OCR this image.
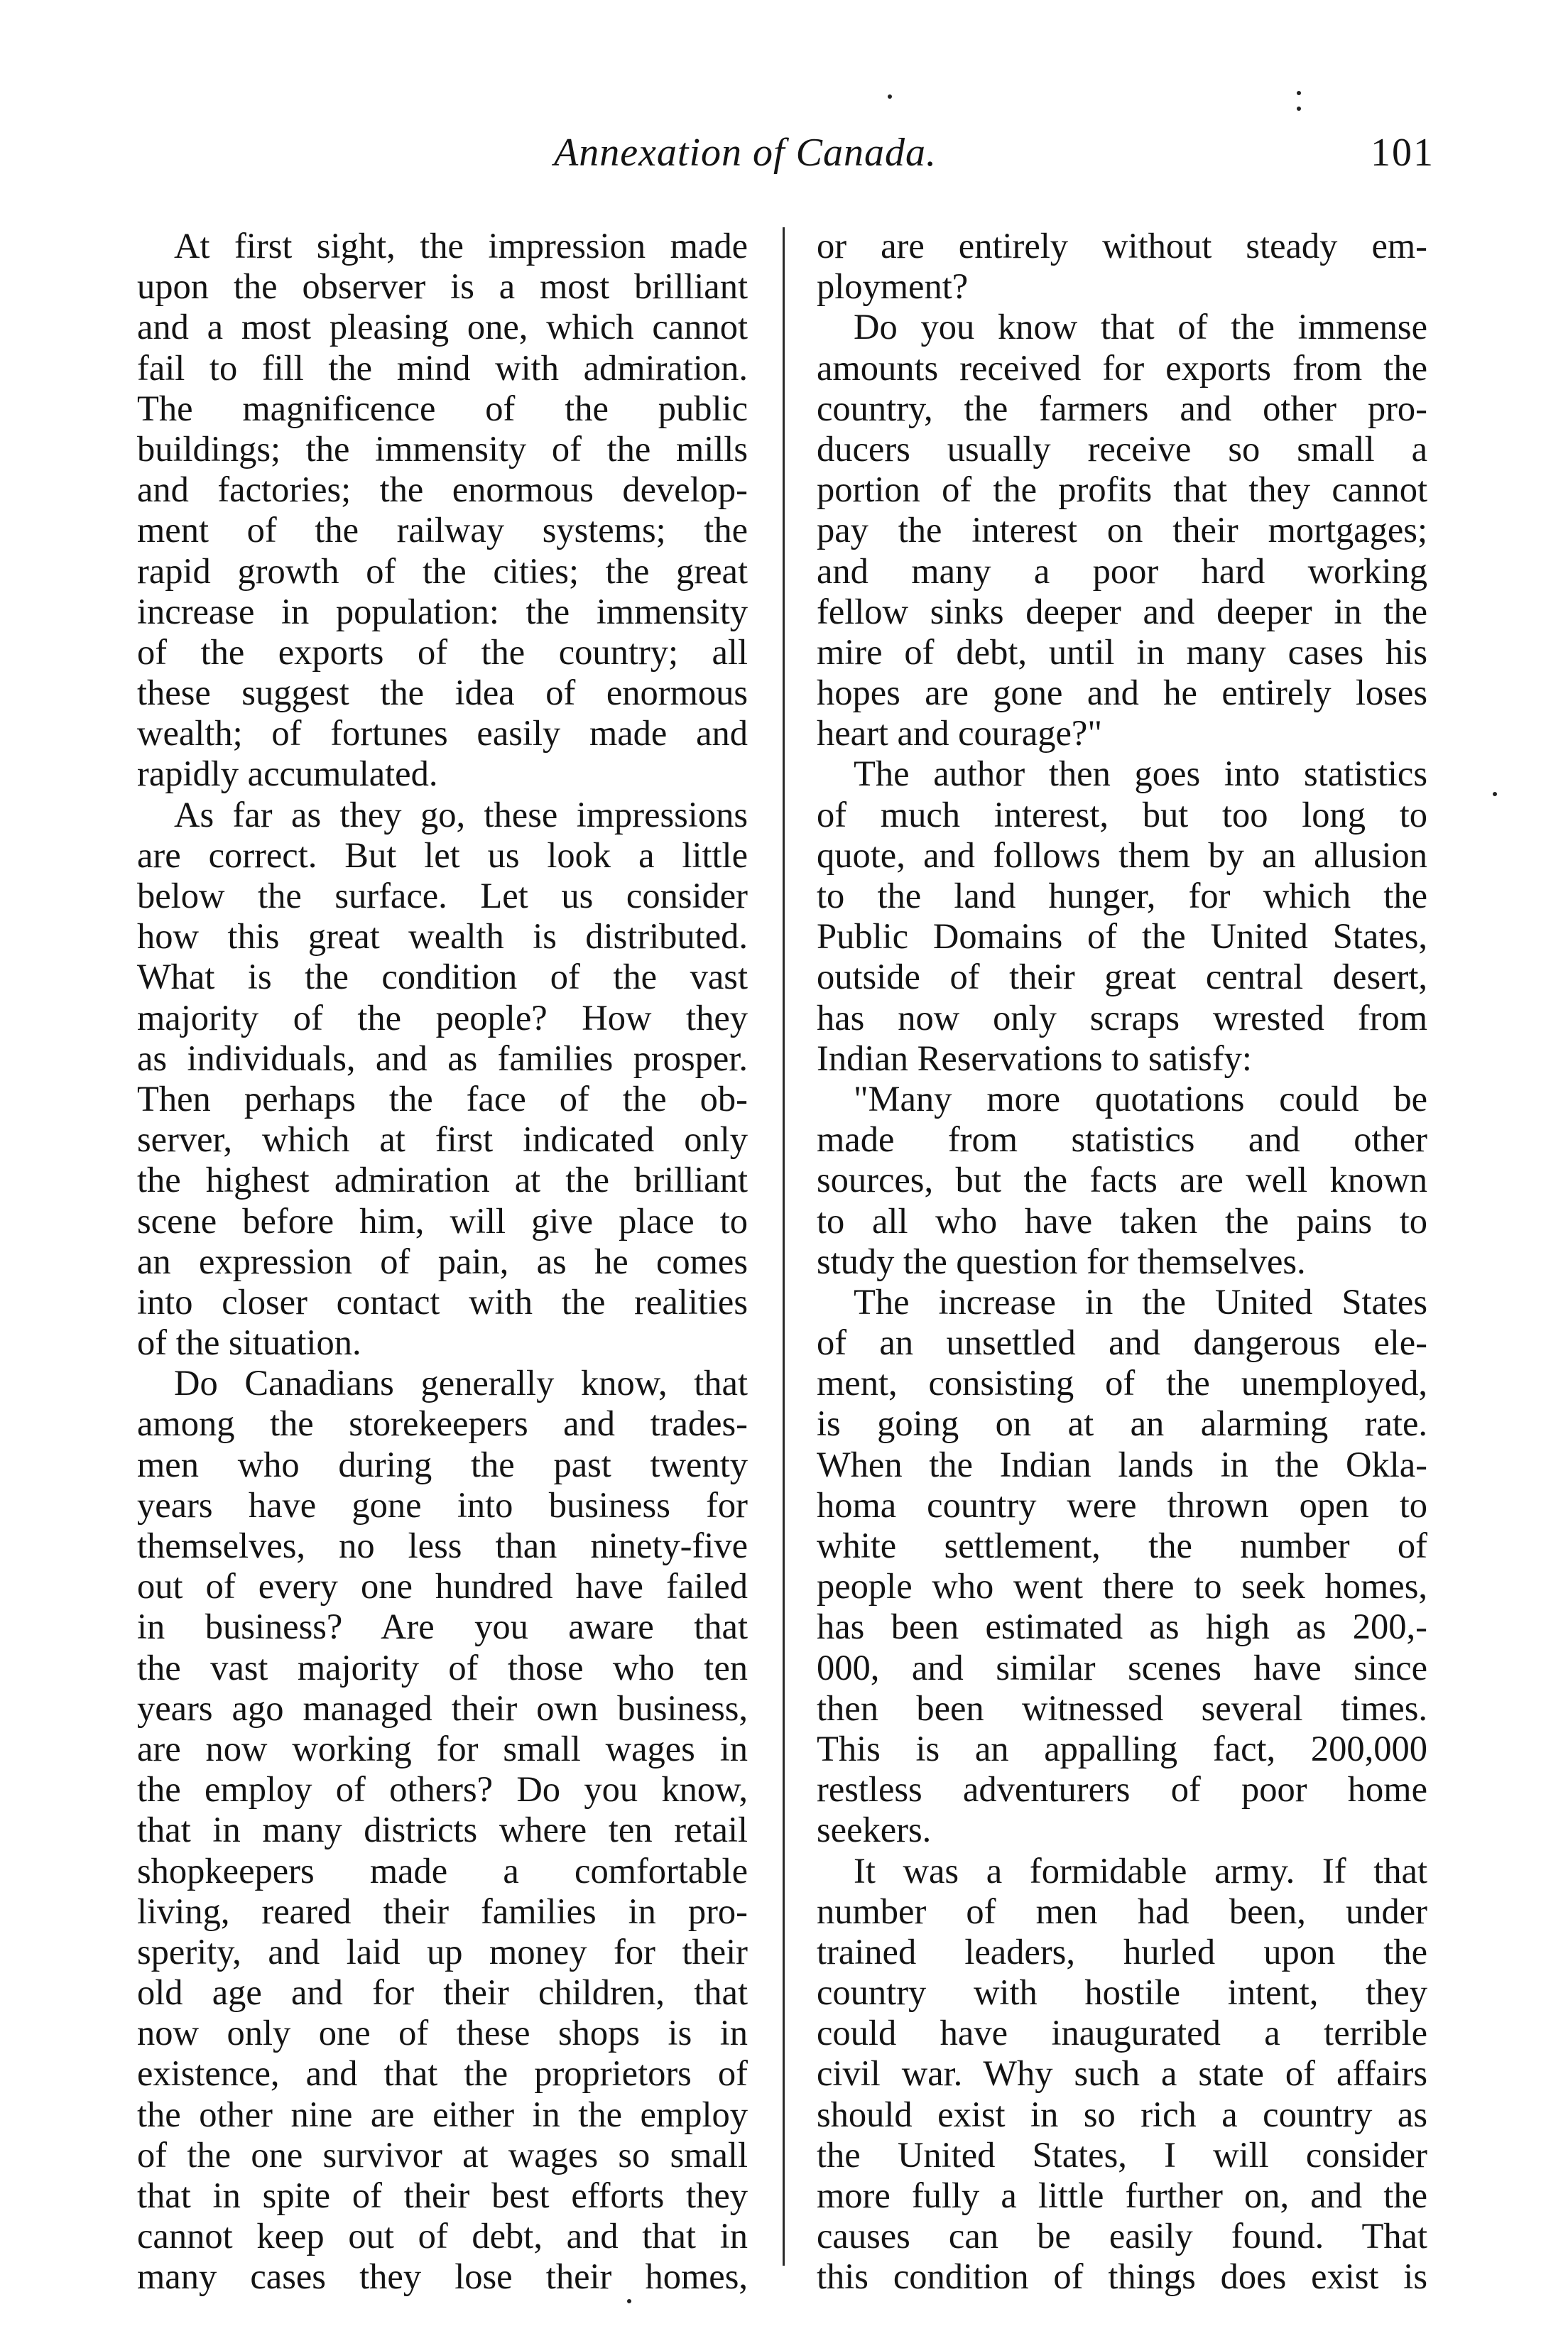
Annexation of Canada.	101
At first sight, the impression made
upon the observer is a most brilliant
and a most pleasing one, which cannot
fail to fill the mind with admiration.
The magnificence of the public
buildings; the immensity of the mills
and factories; the enormous develop-
ment of the railway systems; the
rapid growth of the cities; the great
increase in population: the immensity
of the exports of the country; all
these suggest the idea of enormous
wealth; of fortunes easily made and
rapidly accumulated.
As far as they go, these impressions
are correct. But let us look a little
below the surface. Let us consider
how this great wealth is distributed.
What is the condition of the vast
majority of the people? How they
as individuals, and as families prosper.
Then perhaps the face of the ob-
server, which at first indicated only
the highest admiration at the brilliant
scene before him, will give place to
an expression of pain, as he comes
into closer contact with the realities
of the situation.
Do Canadians generally know, that
among the storekeepers and trades-
men who during the past twenty
years have gone into business for
themselves, no less than ninety-five
out of every one hundred have failed
in business? Are you aware that
the vast majority of those who ten
years ago managed their own business,
are now working for small wages in
the employ of others? Do you know,
that in many districts where ten retail
shopkeepers made a comfortable
living, reared their families in pro-
sperity, and laid up money for their
old age and for their children, that
now only one of these shops is in
existence, and that the proprietors of
the other nine are either in the employ
of the one survivor at wages so small
that in spite of their best efforts they
cannot keep out of debt, and that in
many cases they lose their homes,
or are entirely without steady em-
ployment?
Do you know that of the immense
amounts received for exports from the
country, the farmers and other pro-
ducers usually receive so small a
portion of the profits that they cannot
pay the interest on their mortgages;
and many a poor hard working
fellow sinks deeper and deeper in the
mire of debt, until in many cases his
hopes are gone and he entirely loses
heart and courage?"
The author then goes into statistics
of much interest, but too long to
quote, and follows them by an allusion
to the land hunger, for which the
Public Domains of the United States,
outside of their great central desert,
has now only scraps wrested from
Indian Reservations to satisfy:
"Many more quotations could be
made from statistics and other
sources, but the facts are well known
to all who have taken the pains to
study the question for themselves.
The increase in the United States
of an unsettled and dangerous ele-
ment, consisting of the unemployed,
is going on at an alarming rate.
When the Indian lands in the Okla-
homa country were thrown open to
white settlement, the number of
people who went there to seek homes,
has been estimated as high as 200,-
000, and similar scenes have since
then been witnessed several times.
This is an appalling fact, 200,000
restless adventurers of poor home
seekers.
It was a formidable army. If that
number of men had been, under
trained leaders, hurled upon the
country with hostile intent, they
could have inaugurated a terrible
civil war. Why such a state of affairs
should exist in so rich a country as
the United States, I will consider
more fully a little further on, and the
causes can be easily found. That
this condition of things does exist is
